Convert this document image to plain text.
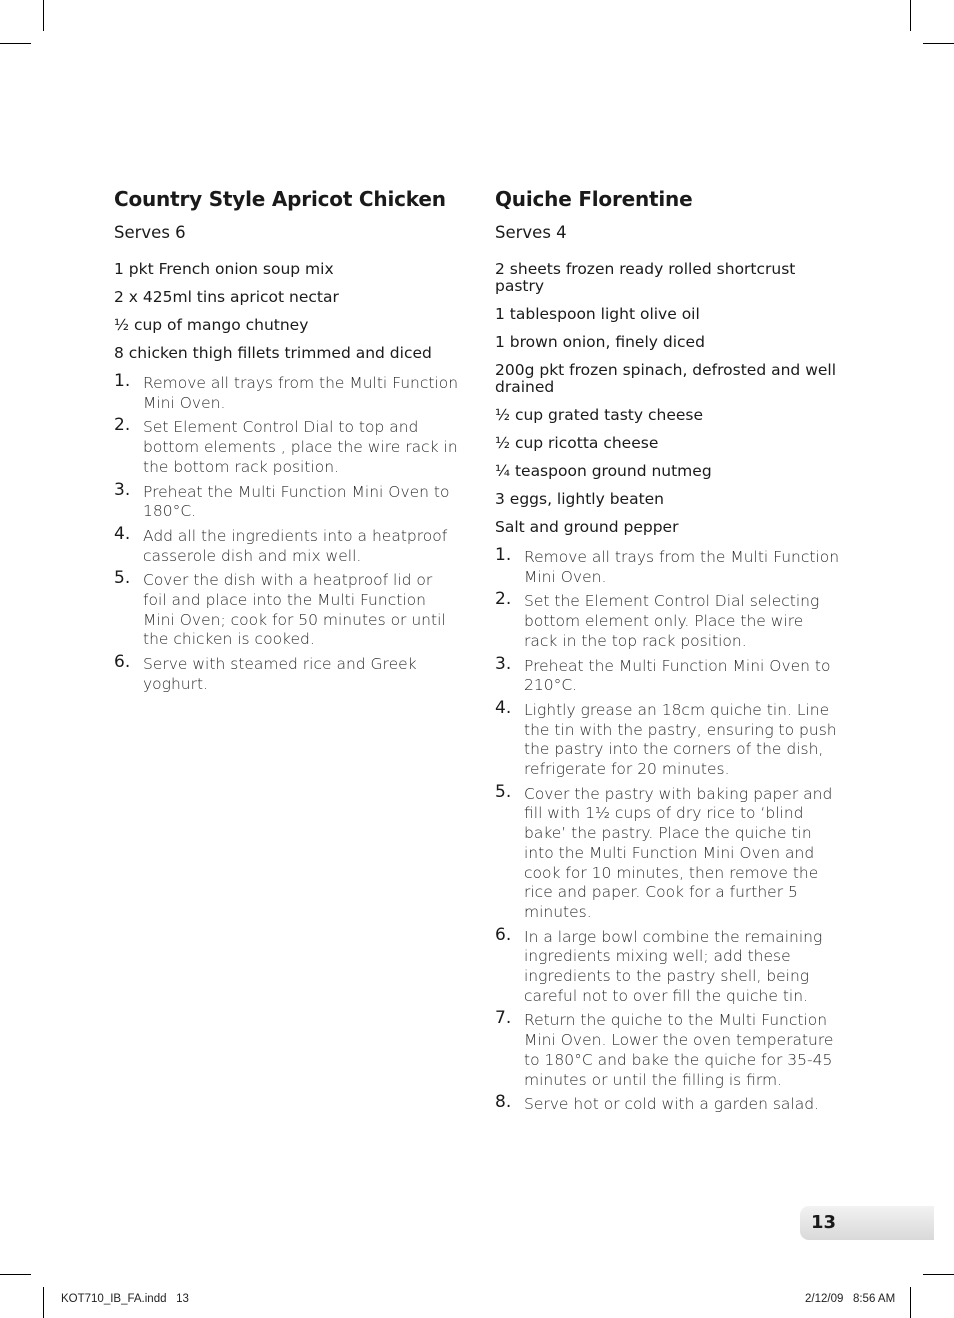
Country Style Apricot Chicken
Serves 6
1 pkt French onion soup mix
2 x 425ml tins apricot nectar
½ cup of mango chutney
8 chicken thigh fillets trimmed and diced
1. Remove all trays from the Multi Function Mini Oven.
2. Set Element Control Dial to top and bottom elements , place the wire rack in the bottom rack position.
3. Preheat the Multi Function Mini Oven to 180°C.
4. Add all the ingredients into a heatproof casserole dish and mix well.
5. Cover the dish with a heatproof lid or foil and place into the Multi Function Mini Oven; cook for 50 minutes or until the chicken is cooked.
6. Serve with steamed rice and Greek yoghurt.
Quiche Florentine
Serves 4
2 sheets frozen ready rolled shortcrust pastry
1 tablespoon light olive oil
1 brown onion, finely diced
200g pkt frozen spinach, defrosted and well drained
½ cup grated tasty cheese
½ cup ricotta cheese
¼ teaspoon ground nutmeg
3 eggs, lightly beaten
Salt and ground pepper
1. Remove all trays from the Multi Function Mini Oven.
2. Set the Element Control Dial selecting bottom element only. Place the wire rack in the top rack position.
3. Preheat the Multi Function Mini Oven to 210°C.
4. Lightly grease an 18cm quiche tin. Line the tin with the pastry, ensuring to push the pastry into the corners of the dish, refrigerate for 20 minutes.
5. Cover the pastry with baking paper and fill with 1½ cups of dry rice to ‘blind bake’ the pastry. Place the quiche tin into the Multi Function Mini Oven and cook for 10 minutes, then remove the rice and paper. Cook for a further 5 minutes.
6. In a large bowl combine the remaining ingredients mixing well; add these ingredients to the pastry shell, being careful not to over fill the quiche tin.
7. Return the quiche to the Multi Function Mini Oven. Lower the oven temperature to 180°C and bake the quiche for 35-45 minutes or until the filling is firm.
8. Serve hot or cold with a garden salad.
13
KOT710_IB_FA.indd   13	2/12/09   8:56 AM
